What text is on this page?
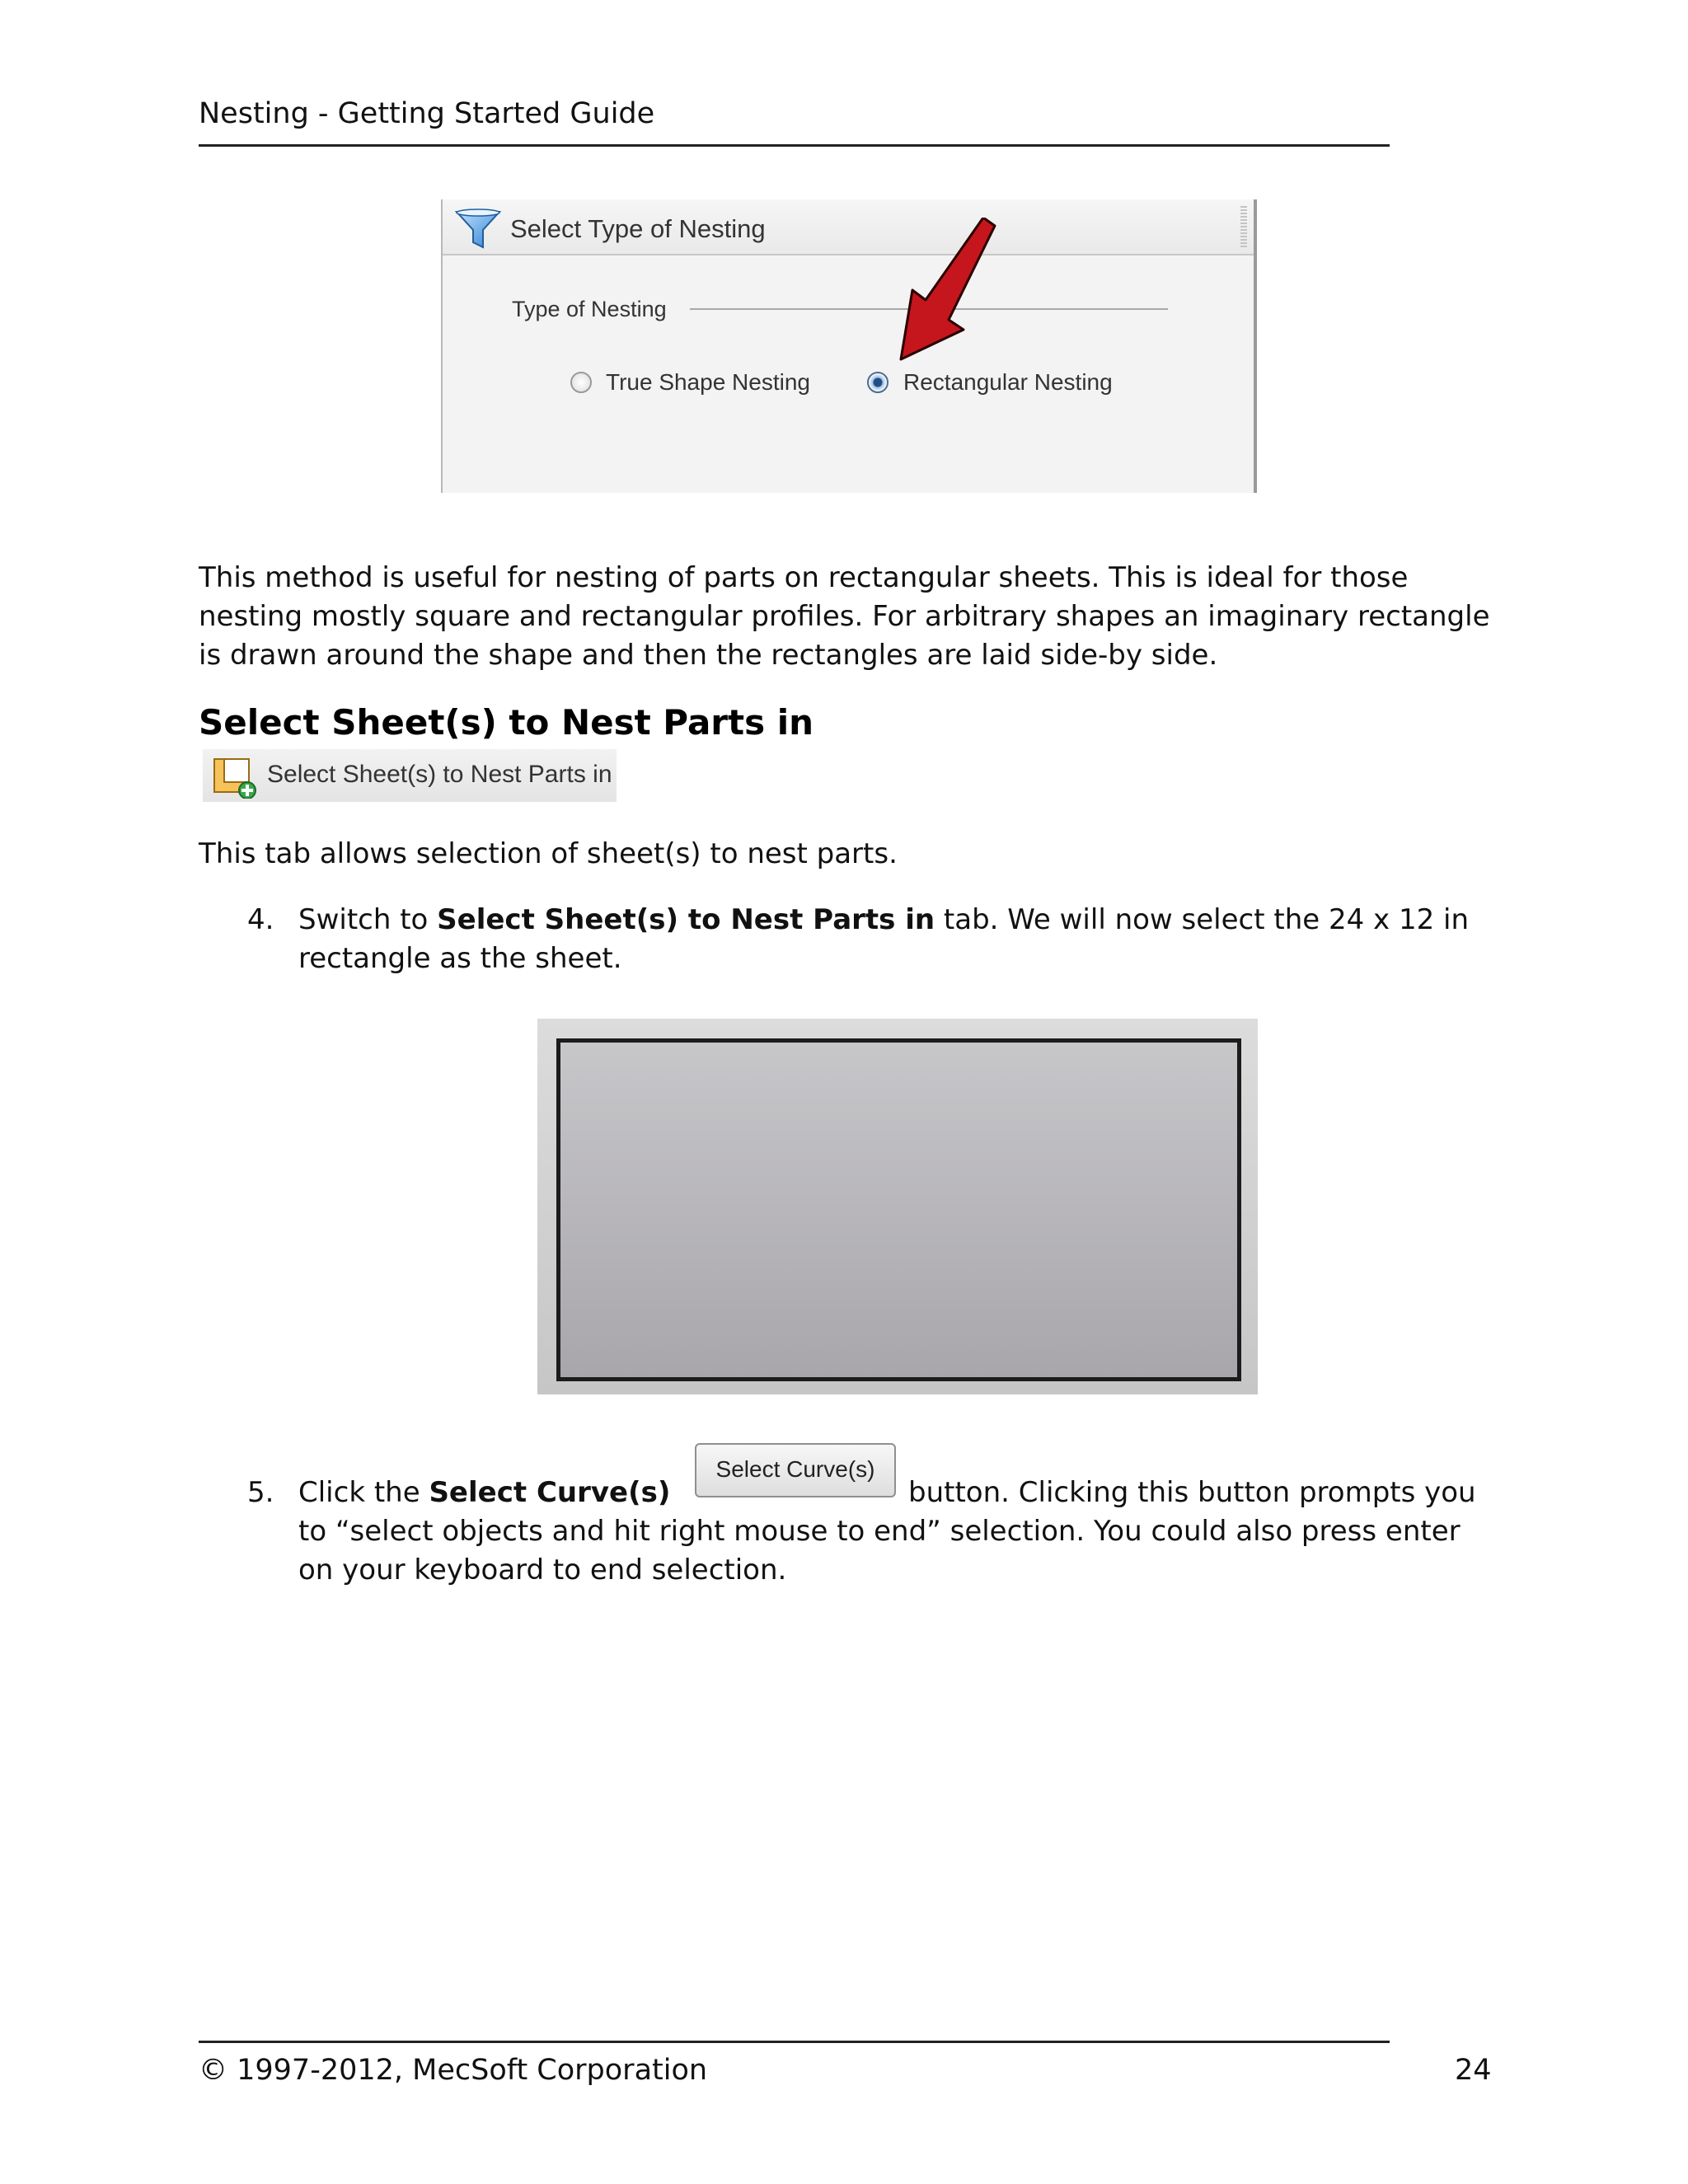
Nesting - Getting Started Guide
Select Type of Nesting
Type of Nesting
True Shape Nesting	Rectangular Nesting
This method is useful for nesting of parts on rectangular sheets. This is ideal for those
nesting mostly square and rectangular profiles. For arbitrary shapes an imaginary rectangle
is drawn around the shape and then the rectangles are laid side-by side.
Select Sheet(s) to Nest Parts in
Select Sheet(s) to Nest Parts in
This tab allows selection of sheet(s) to nest parts.
4. Switch to Select Sheet(s) to Nest Parts in tab. We will now select the 24 x 12 in
rectangle as the sheet.
5. Click the Select Curve(s)
Select Curve(s)
button. Clicking this button prompts you
to “select objects and hit right mouse to end” selection. You could also press enter
on your keyboard to end selection.
© 1997-2012, MecSoft Corporation	24
